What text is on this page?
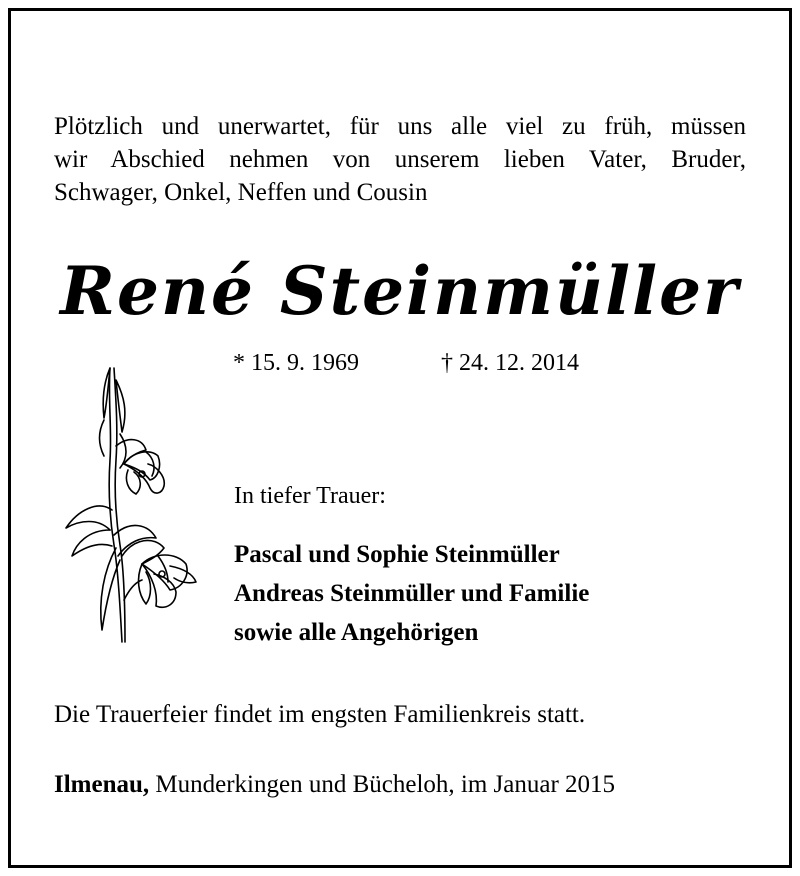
Plötzlich und unerwartet, für uns alle viel zu früh, müssen
wir Abschied nehmen von unserem lieben Vater, Bruder,
Schwager, Onkel, Neffen und Cousin
René Steinmüller
* 15. 9. 1969	† 24. 12. 2014

In tiefer Trauer:

Pascal und Sophie Steinmüller
Andreas Steinmüller und Familie
sowie alle Angehörigen

Die Trauerfeier findet im engsten Familienkreis statt.

Ilmenau, Munderkingen und Bücheloh, im Januar 2015
